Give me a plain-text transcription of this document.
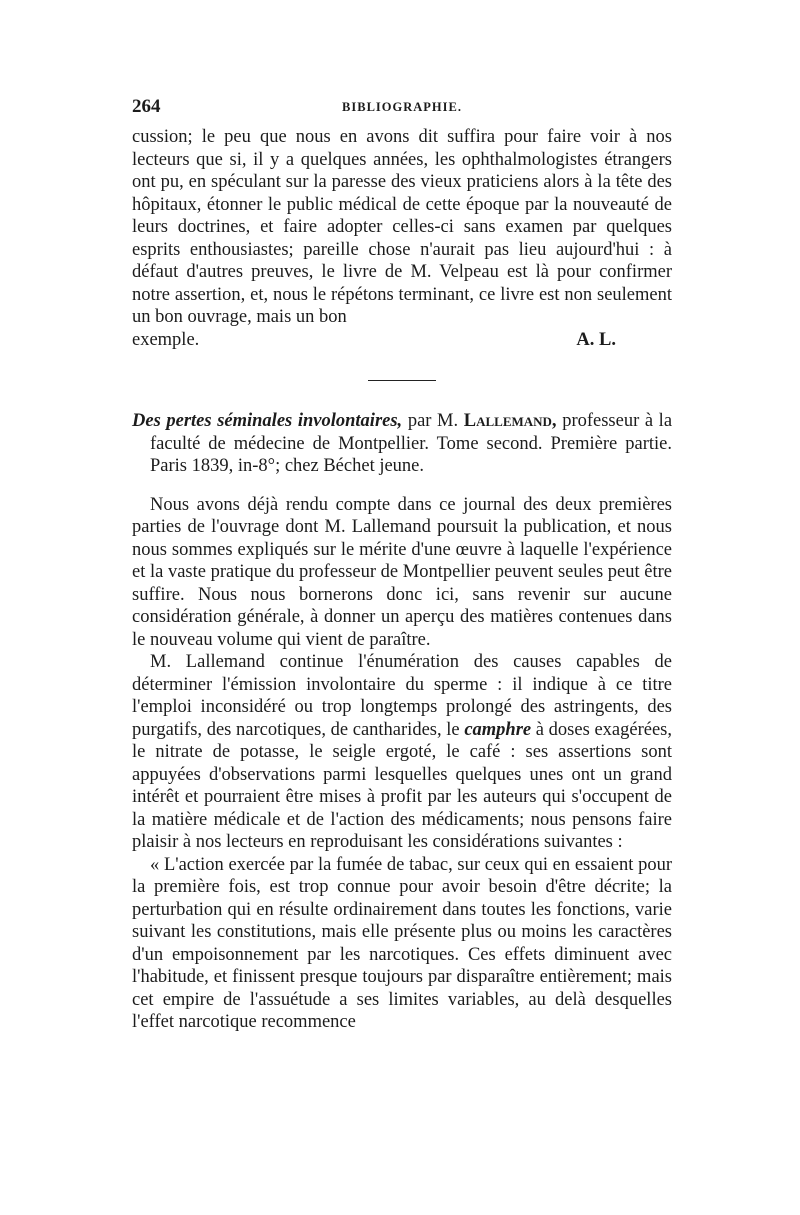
264	BIBLIOGRAPHIE.

cussion; le peu que nous en avons dit suffira pour faire voir à nos lecteurs que si, il y a quelques années, les ophthalmologistes étrangers ont pu, en spéculant sur la paresse des vieux praticiens alors à la tête des hôpitaux, étonner le public médical de cette époque par la nouveauté de leurs doctrines, et faire adopter celles-ci sans examen par quelques esprits enthousiastes; pareille chose n'aurait pas lieu aujourd'hui : à défaut d'autres preuves, le livre de M. Velpeau est là pour confirmer notre assertion, et, nous le répétons terminant, ce livre est non seulement un bon ouvrage, mais un bon

exemple.	A. L.

Des pertes séminales involontaires, par M. Lallemand, professeur à la faculté de médecine de Montpellier. Tome second. Première partie. Paris 1839, in-8°; chez Béchet jeune.

Nous avons déjà rendu compte dans ce journal des deux premières parties de l'ouvrage dont M. Lallemand poursuit la publication, et nous nous sommes expliqués sur le mérite d'une œuvre à laquelle l'expérience et la vaste pratique du professeur de Montpellier peuvent seules peut être suffire. Nous nous bornerons donc ici, sans revenir sur aucune considération générale, à donner un aperçu des matières contenues dans le nouveau volume qui vient de paraître.

M. Lallemand continue l'énumération des causes capables de déterminer l'émission involontaire du sperme : il indique à ce titre l'emploi inconsidéré ou trop longtemps prolongé des astringents, des purgatifs, des narcotiques, de cantharides, le camphre à doses exagérées, le nitrate de potasse, le seigle ergoté, le café : ses assertions sont appuyées d'observations parmi lesquelles quelques unes ont un grand intérêt et pourraient être mises à profit par les auteurs qui s'occupent de la matière médicale et de l'action des médicaments; nous pensons faire plaisir à nos lecteurs en reproduisant les considérations suivantes :

« L'action exercée par la fumée de tabac, sur ceux qui en essaient pour la première fois, est trop connue pour avoir besoin d'être décrite; la perturbation qui en résulte ordinairement dans toutes les fonctions, varie suivant les constitutions, mais elle présente plus ou moins les caractères d'un empoisonnement par les narcotiques. Ces effets diminuent avec l'habitude, et finissent presque toujours par disparaître entièrement; mais cet empire de l'assuétude a ses limites variables, au delà desquelles l'effet narcotique recommence
